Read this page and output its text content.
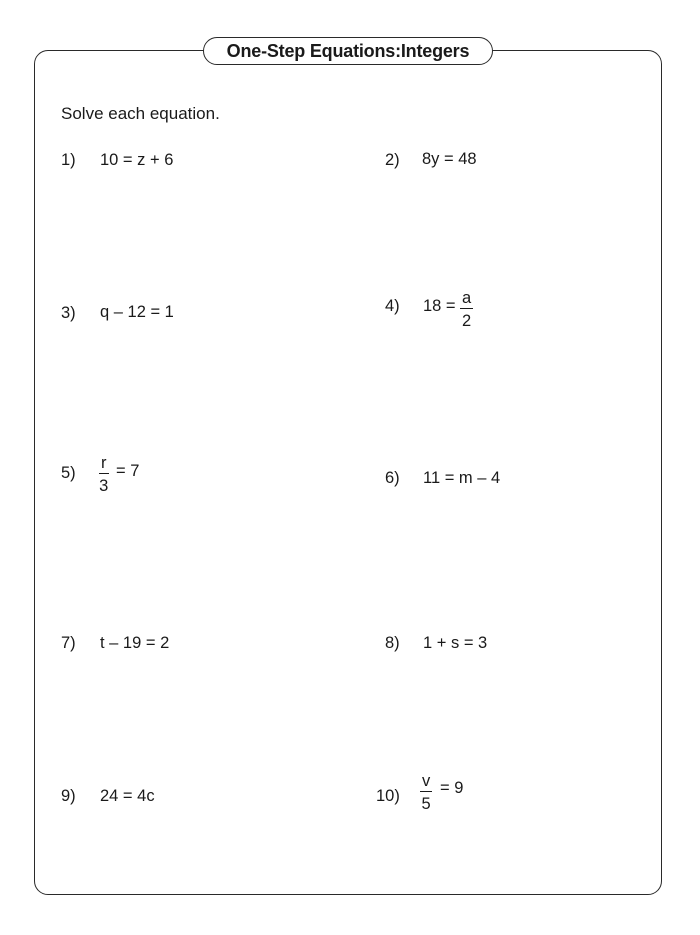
One-Step Equations:Integers
Solve each equation.
1) 10 = z + 6	2) 8y = 48
3) q – 12 = 1	4) $18 = \frac{a}{2}$
$5) \frac{r}{3} = 7$	6) 11 = m – 4
7) t – 19 = 2	8) 1 + s = 3
9) 24 = 4c	$10) \frac{v}{5} = 9$
